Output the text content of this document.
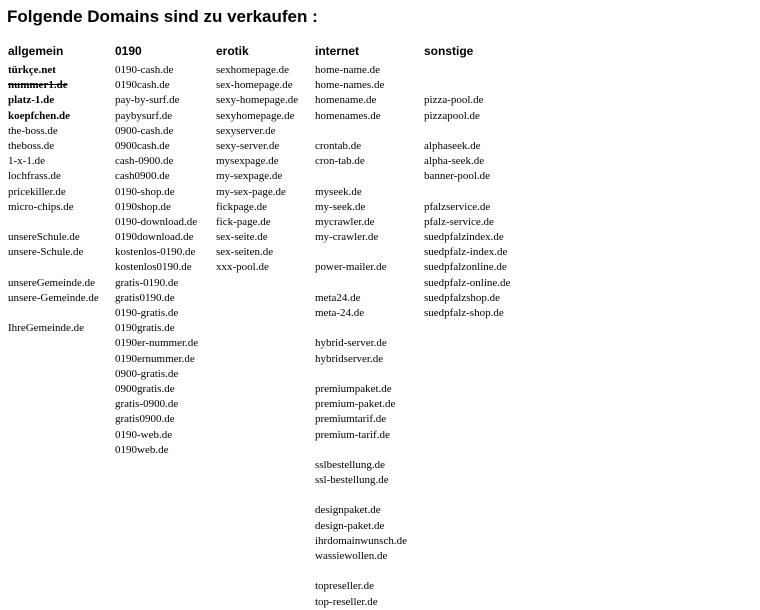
Folgende Domains sind zu verkaufen :
allgemein
türkçe.net
nummer1.de
platz-1.de
koepfchen.de
the-boss.de
theboss.de
1-x-1.de
lochfrass.de
pricekiller.de
micro-chips.de
unsereSchule.de
unsere-Schule.de
unsereGemeinde.de
unsere-Gemeinde.de
IhreGemeinde.de
0190
0190-cash.de
0190cash.de
pay-by-surf.de
paybysurf.de
0900-cash.de
0900cash.de
cash-0900.de
cash0900.de
0190-shop.de
0190shop.de
0190-download.de
0190download.de
kostenlos-0190.de
kostenlos0190.de
gratis-0190.de
gratis0190.de
0190-gratis.de
0190gratis.de
0190er-nummer.de
0190ernummer.de
0900-gratis.de
0900gratis.de
gratis-0900.de
gratis0900.de
0190-web.de
0190web.de
erotik
sexhomepage.de
sex-homepage.de
sexy-homepage.de
sexyhomepage.de
sexyserver.de
sexy-server.de
mysexpage.de
my-sexpage.de
my-sex-page.de
fickpage.de
fick-page.de
sex-seite.de
sex-seiten.de
xxx-pool.de
internet
home-name.de
home-names.de
homename.de
homenames.de
crontab.de
cron-tab.de
myseek.de
my-seek.de
mycrawler.de
my-crawler.de
power-mailer.de
meta24.de
meta-24.de
hybrid-server.de
hybridserver.de
premiumpaket.de
premium-paket.de
premiumtarif.de
premium-tarif.de
sslbestellung.de
ssl-bestellung.de
designpaket.de
design-paket.de
ihrdomainwunsch.de
wassiewollen.de
topreseller.de
top-reseller.de
sonstige
pizza-pool.de
pizzapool.de
alphaseek.de
alpha-seek.de
banner-pool.de
pfalzservice.de
pfalz-service.de
suedpfalzindex.de
suedpfalz-index.de
suedpfalzonline.de
suedpfalz-online.de
suedpfalzshop.de
suedpfalz-shop.de
